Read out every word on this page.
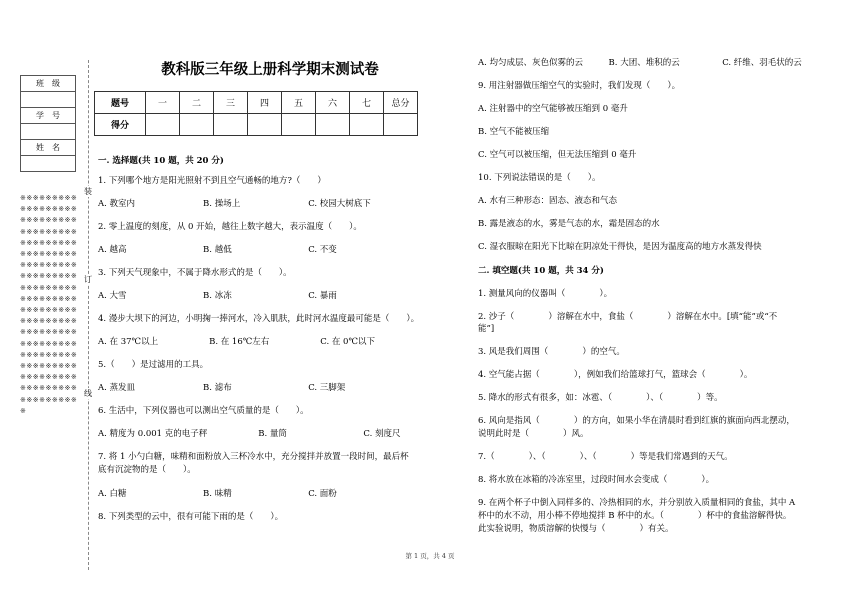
班　级

学　号

姓　名

※※※※※※※※※※※※※※※※※※※※※※※※※※※※※※※※※※※※※※※※※※※※※※※※※※※※※※※※※※※※※※※※※※※※※※※※※※※※※※※※※※※※※※※※※※※※※※※※※※※※※※※※※※※※※※※※※※※※※※※※※※※※※※※※※※※※※※※※※※※※※※※※※※※※※※※※※※※※※※※※※※※※※※※※※※※※
装
订
线
教科版三年级上册科学期末测试卷
题号	一	二	三	四	五	六	七	总分
得分								
一. 选择题(共 10 题，共 20 分)
1. 下列哪个地方是阳光照射不到且空气通畅的地方?（　　）
A. 教室内　　　　　　　　B. 操场上　　　　　　　　C. 校园大树底下
2. 零上温度的刻度，从 0 开始，越往上数字越大，表示温度（　　）。
A. 越高　　　　　　　　　B. 越低　　　　　　　　　C. 不变
3. 下列天气现象中，不属于降水形式的是（　　）。
A. 大雪　　　　　　　　　B. 冰冻　　　　　　　　　C. 暴雨
4. 漫步大坝下的河边，小明掬一捧河水，冷入肌肤，此时河水温度最可能是（　　）。
A. 在 37℃以上　　　　　　B. 在 16℃左右　　　　　　C. 在 0℃以下
5.（　　）是过滤用的工具。
A. 蒸发皿　　　　　　　　B. 滤布　　　　　　　　　C. 三脚架
6. 生活中，下列仪器也可以测出空气质量的是（　　）。
A. 精度为 0.001 克的电子秤　　　　　　B. 量筒　　　　　　　　　C. 刻度尺
7. 将 1 小勺白糖，味精和面粉放入三杯冷水中，充分搅拌并放置一段时间，最后杯
底有沉淀物的是（　　）。
A. 白糖　　　　　　　　　B. 味精　　　　　　　　　C. 面粉
8. 下列类型的云中，很有可能下雨的是（　　）。
A. 均匀成层、灰色似雾的云　　　B. 大团、堆积的云　　　　　C. 纤维、羽毛状的云
9. 用注射器做压缩空气的实验时，我们发现（　　）。
A. 注射器中的空气能够被压缩到 0 毫升
B. 空气不能被压缩
C. 空气可以被压缩，但无法压缩到 0 毫升
10. 下列说法错误的是（　　）。
A. 水有三种形态：固态、液态和气态
B. 露是液态的水，雾是气态的水，霜是固态的水
C. 湿衣服晾在阳光下比晾在阴凉处干得快，是因为温度高的地方水蒸发得快
二. 填空题(共 10 题，共 34 分)
1. 测量风向的仪器叫（　　　　）。
2. 沙子（　　　　）溶解在水中，食盐（　　　　）溶解在水中。[填“能”或“不
能”]
3. 风是我们周围（　　　　）的空气。
4. 空气能占据（　　　　），例如我们给篮球打气，篮球会（　　　　）。
5. 降水的形式有很多，如：冰雹、（　　　　）、（　　　　）等。
6. 风向是指风（　　　　）的方向，如果小华在清晨时看到红旗的旗面向西北摆动，
说明此时是（　　　　）风。
7.（　　　　）、（　　　　）、（　　　　）等是我们常遇到的天气。
8. 将水放在冰箱的冷冻室里，过段时间水会变成（　　　　）。
9. 在两个杯子中倒入同样多的、冷热相同的水，并分别放入质量相同的食盐，其中 A
杯中的水不动，用小棒不停地搅拌 B 杯中的水。（　　　　）杯中的食盐溶解得快。
此实验说明，物质溶解的快慢与（　　　　）有关。
第 1 页，共 4 页
